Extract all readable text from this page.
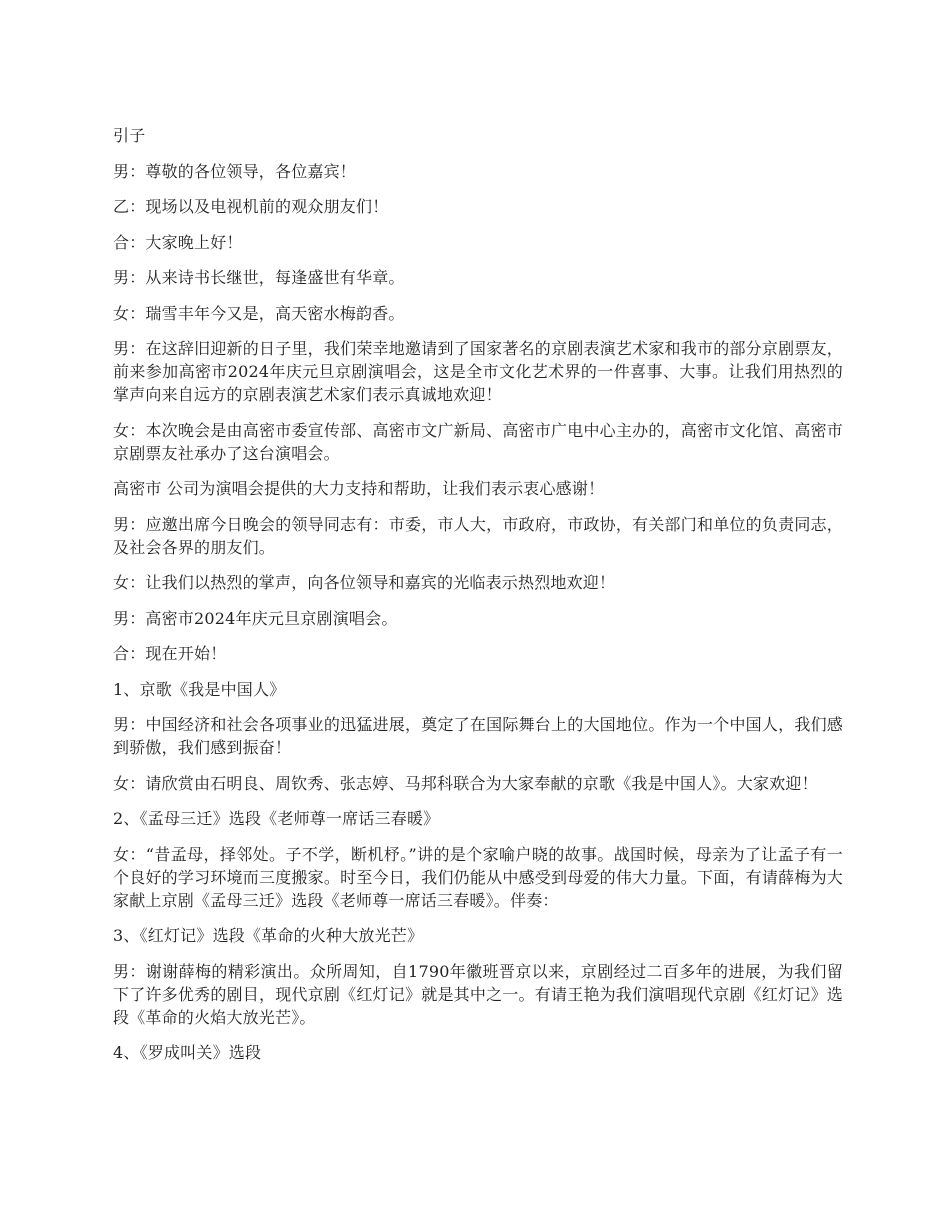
引子

男：尊敬的各位领导，各位嘉宾！

乙：现场以及电视机前的观众朋友们！

合：大家晚上好！

男：从来诗书长继世，每逢盛世有华章。

女：瑞雪丰年今又是，高天密水梅韵香。

男：在这辞旧迎新的日子里，我们荣幸地邀请到了国家著名的京剧表演艺术家和我市的部分京剧票友，前来参加高密市2024年庆元旦京剧演唱会，这是全市文化艺术界的一件喜事、大事。让我们用热烈的掌声向来自远方的京剧表演艺术家们表示真诚地欢迎！

女：本次晚会是由高密市委宣传部、高密市文广新局、高密市广电中心主办的，高密市文化馆、高密市京剧票友社承办了这台演唱会。

高密市 公司为演唱会提供的大力支持和帮助，让我们表示衷心感谢！

男：应邀出席今日晚会的领导同志有：市委，市人大，市政府，市政协，有关部门和单位的负责同志，及社会各界的朋友们。

女：让我们以热烈的掌声，向各位领导和嘉宾的光临表示热烈地欢迎！

男：高密市2024年庆元旦京剧演唱会。

合：现在开始！

1、京歌《我是中国人》

男：中国经济和社会各项事业的迅猛进展，奠定了在国际舞台上的大国地位。作为一个中国人，我们感到骄傲，我们感到振奋！

女：请欣赏由石明良、周钦秀、张志婷、马邦科联合为大家奉献的京歌《我是中国人》。大家欢迎！

2、《孟母三迁》选段《老师尊一席话三春暖》

女：“昔孟母，择邻处。子不学，断机杼。”讲的是个家喻户晓的故事。战国时候，母亲为了让孟子有一个良好的学习环境而三度搬家。时至今日，我们仍能从中感受到母爱的伟大力量。下面，有请薛梅为大家献上京剧《孟母三迁》选段《老师尊一席话三春暖》。伴奏：

3、《红灯记》选段《革命的火种大放光芒》

男：谢谢薛梅的精彩演出。众所周知，自1790年徽班晋京以来，京剧经过二百多年的进展，为我们留下了许多优秀的剧目，现代京剧《红灯记》就是其中之一。有请王艳为我们演唱现代京剧《红灯记》选段《革命的火焰大放光芒》。

4、《罗成叫关》选段
